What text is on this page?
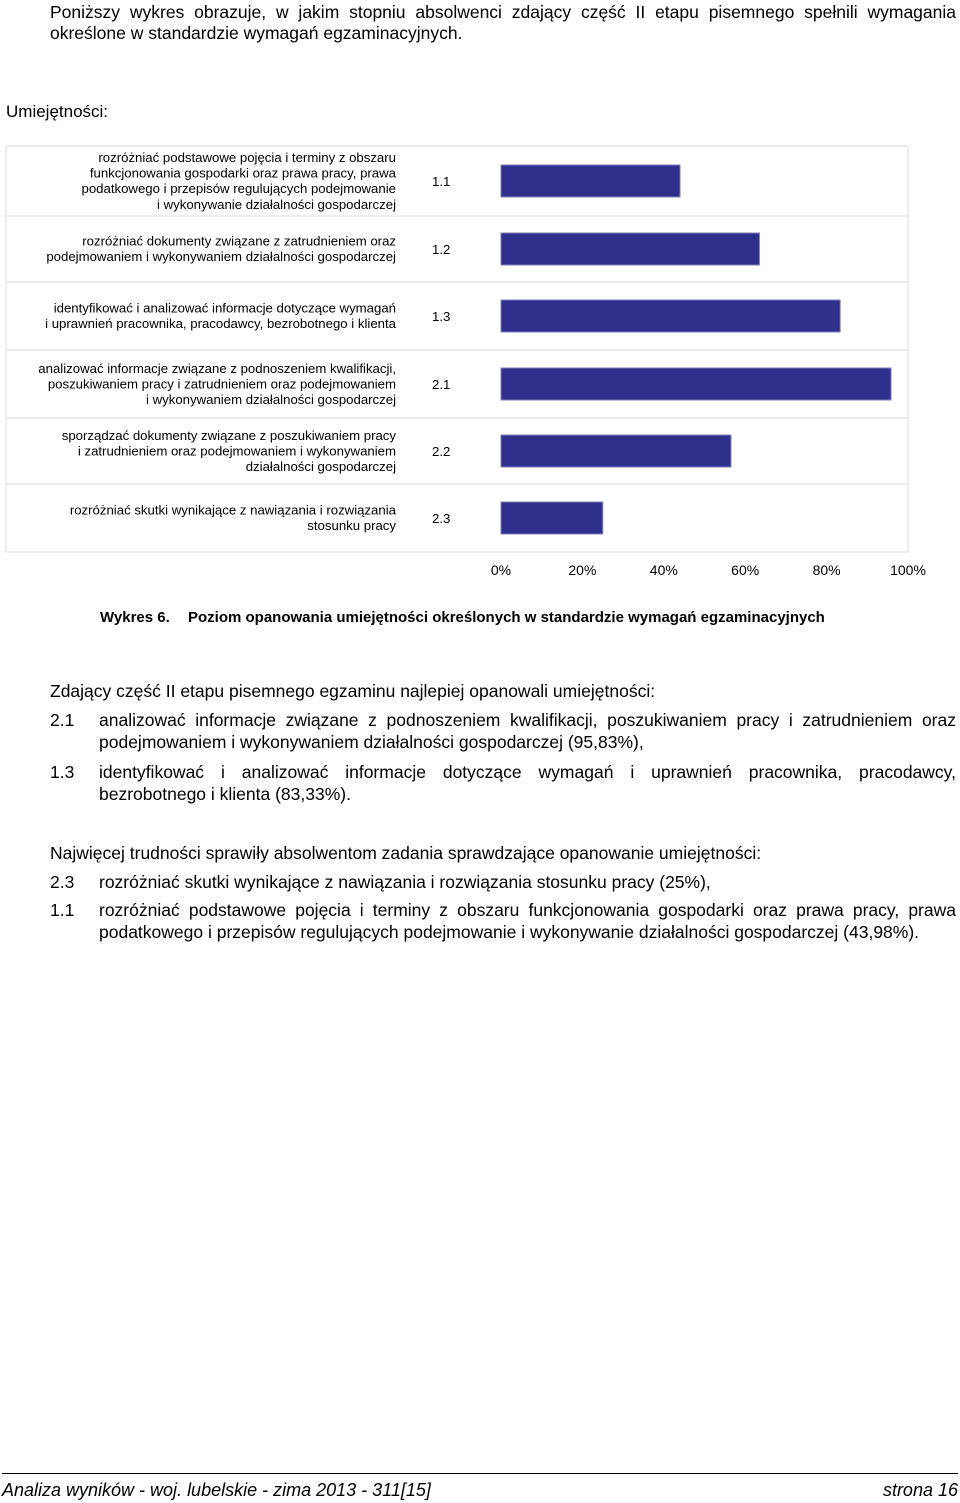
Poniższy wykres obrazuje, w jakim stopniu absolwenci zdający część II etapu pisemnego spełnili wymagania określone w standardzie wymagań egzaminacyjnych.
Umiejętności:
rozróżniać podstawowe pojęcia i terminy z obszaru funkcjonowania gospodarki oraz prawa pracy, prawa podatkowego i przepisów regulujących podejmowanie i wykonywanie działalności gospodarczej
1.1
rozróżniać dokumenty związane z zatrudnieniem oraz podejmowaniem i wykonywaniem działalności gospodarczej	1.2
identyfikować i analizować informacje dotyczące wymagań i uprawnień pracownika, pracodawcy, bezrobotnego i klienta	1.3
analizować informacje związane z podnoszeniem kwalifikacji, poszukiwaniem pracy i zatrudnieniem oraz podejmowaniem i wykonywaniem działalności gospodarczej
2.1
sporządzać dokumenty związane z poszukiwaniem pracy i zatrudnieniem oraz podejmowaniem i wykonywaniem działalności gospodarczej
2.2
rozróżniać skutki wynikające z nawiązania i rozwiązania stosunku pracy	2.3
0%	20%	40%	60%	80%	100%
Wykres 6. Poziom opanowania umiejętności określonych w standardzie wymagań egzaminacyjnych
Zdający część II etapu pisemnego egzaminu najlepiej opanowali umiejętności:
2.1 analizować informacje związane z podnoszeniem kwalifikacji, poszukiwaniem pracy i zatrudnieniem oraz podejmowaniem i wykonywaniem działalności gospodarczej (95,83%),
1.3 identyfikować i analizować informacje dotyczące wymagań i uprawnień pracownika, pracodawcy, bezrobotnego i klienta (83,33%).
Najwięcej trudności sprawiły absolwentom zadania sprawdzające opanowanie umiejętności:
2.3 rozróżniać skutki wynikające z nawiązania i rozwiązania stosunku pracy (25%),
1.1 rozróżniać podstawowe pojęcia i terminy z obszaru funkcjonowania gospodarki oraz prawa pracy, prawa podatkowego i przepisów regulujących podejmowanie i wykonywanie działalności gospodarczej (43,98%).
Analiza wyników - woj. lubelskie - zima 2013 - 311[15]	strona 16
